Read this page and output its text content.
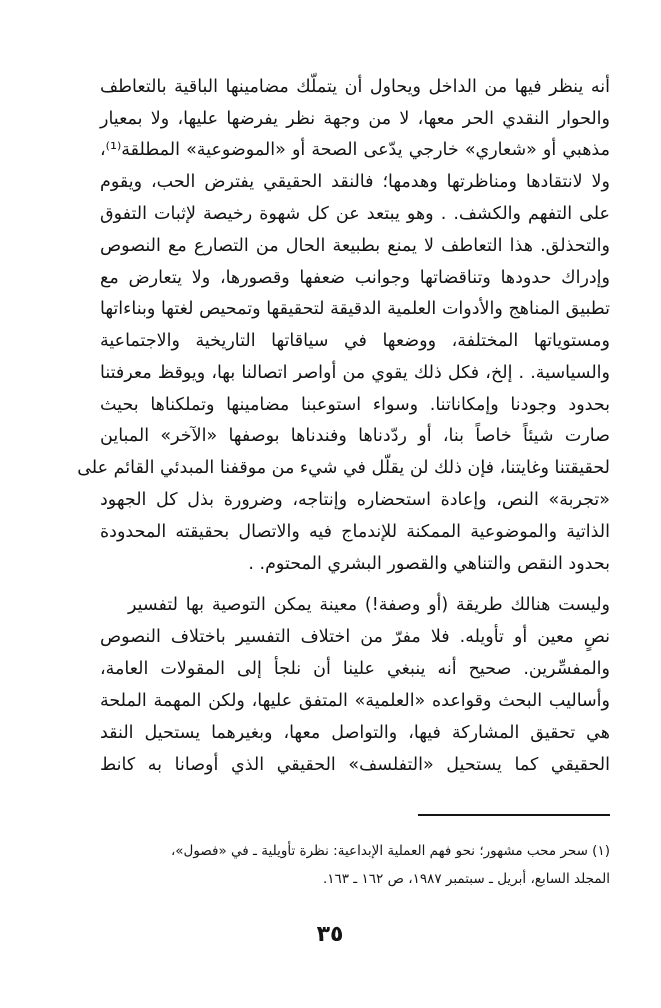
أنه ينظر فيها من الداخل ويحاول أن يتملّك مضامينها الباقية بالتعاطف
والحوار النقدي الحر معها، لا من وجهة نظر يفرضها عليها، ولا بمعيار
مذهبي أو «شعاري» خارجي يدّعى الصحة أو «الموضوعية» المطلقة⁽¹⁾،
ولا لانتقادها ومناظرتها وهدمها؛ فالنقد الحقيقي يفترض الحب، ويقوم
على التفهم والكشف. . وهو يبتعد عن كل شهوة رخيصة لإثبات التفوق
والتحذلق. هذا التعاطف لا يمنع بطبيعة الحال من التصارع مع النصوص
وإدراك حدودها وتناقضاتها وجوانب ضعفها وقصورها، ولا يتعارض مع
تطبيق المناهج والأدوات العلمية الدقيقة لتحقيقها وتمحيص لغتها وبناءاتها
ومستوياتها المختلفة، ووضعها في سياقاتها التاريخية والاجتماعية
والسياسية. . إلخ، فكل ذلك يقوي من أواصر اتصالنا بها، ويوقظ معرفتنا
بحدود وجودنا وإمكاناتنا. وسواء استوعبنا مضامينها وتملكناها بحيث
صارت شيئاً خاصاً بنا، أو ردّدناها وفندناها بوصفها «الآخر» المباين
لحقيقتنا وغايتنا، فإن ذلك لن يقلّل في شيء من موقفنا المبدئي القائم على
«تجربة» النص، وإعادة استحضاره وإنتاجه، وضرورة بذل كل الجهود
الذاتية والموضوعية الممكنة للإندماج فيه والاتصال بحقيقته المحدودة
بحدود النقص والتناهي والقصور البشري المحتوم. .
وليست هنالك طريقة (أو وصفة!) معينة يمكن التوصية بها لتفسير
نصٍ معين أو تأويله. فلا مفرّ من اختلاف التفسير باختلاف النصوص
والمفسِّرين. صحيح أنه ينبغي علينا أن نلجأ إلى المقولات العامة،
وأساليب البحث وقواعده «العلمية» المتفق عليها، ولكن المهمة الملحة
هي تحقيق المشاركة فيها، والتواصل معها، وبغيرهما يستحيل النقد
الحقيقي كما يستحيل «التفلسف» الحقيقي الذي أوصانا به كانط
(١) سحر محب مشهور؛ نحو فهم العملية الإبداعية: نظرة تأويلية ـ في «فصول»،
المجلد السابع، أبريل ـ سبتمبر ١٩٨٧، ص ١٦٢ ـ ١٦٣.
٣٥
